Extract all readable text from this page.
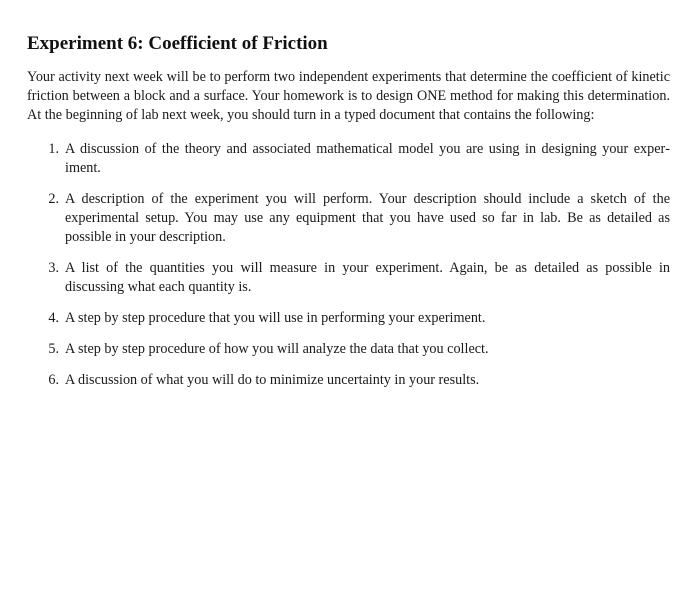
Experiment 6: Coefficient of Friction

Your activity next week will be to perform two independent experiments that determine the coefficient of kinetic friction between a block and a surface. Your homework is to design ONE method for making this determination. At the beginning of lab next week, you should turn in a typed document that contains the following:

1. A discussion of the theory and associated mathematical model you are using in designing your experiment.
2. A description of the experiment you will perform. Your description should include a sketch of the experimental setup. You may use any equipment that you have used so far in lab. Be as detailed as possible in your description.
3. A list of the quantities you will measure in your experiment. Again, be as detailed as possible in discussing what each quantity is.
4. A step by step procedure that you will use in performing your experiment.
5. A step by step procedure of how you will analyze the data that you collect.
6. A discussion of what you will do to minimize uncertainty in your results.
